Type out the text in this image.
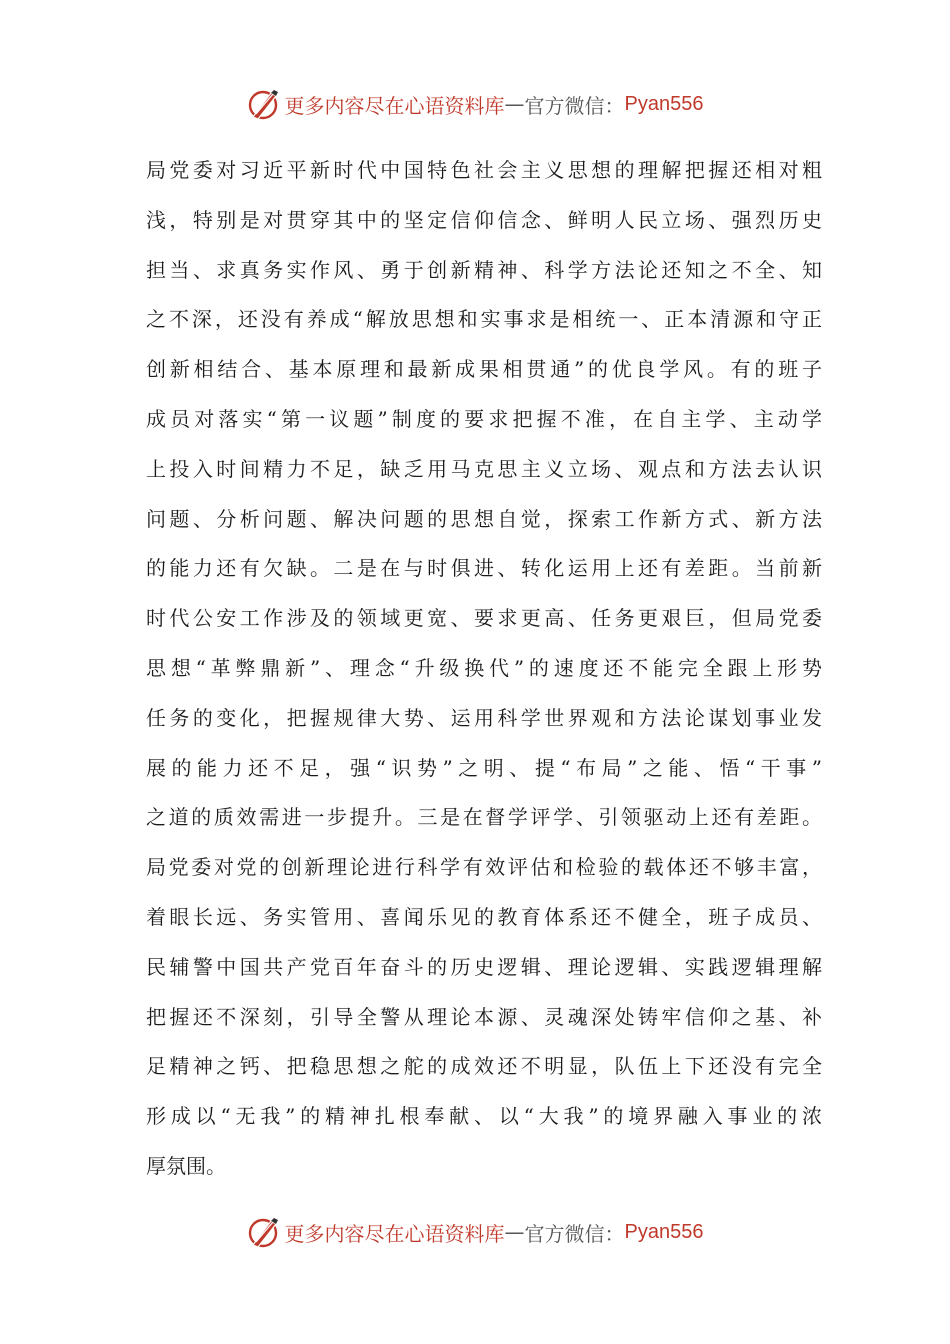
更多内容尽在心语资料库 — 官方微信： Pyan556
局党委对习近平新时代中国特色社会主义思想的理解把握还相对粗
浅，特别是对贯穿其中的坚定信仰信念、鲜明人民立场、强烈历史
担当、求真务实作风、勇于创新精神、科学方法论还知之不全、知
之不深，还没有养成“解放思想和实事求是相统一、正本清源和守正
创新相结合、基本原理和最新成果相贯通”的优良学风。有的班子
成员对落实“第一议题”制度的要求把握不准，在自主学、主动学
上投入时间精力不足，缺乏用马克思主义立场、观点和方法去认识
问题、分析问题、解决问题的思想自觉，探索工作新方式、新方法
的能力还有欠缺。二是在与时俱进、转化运用上还有差距。当前新
时代公安工作涉及的领域更宽、要求更高、任务更艰巨，但局党委
思想“革弊鼎新”、理念“升级换代”的速度还不能完全跟上形势
任务的变化，把握规律大势、运用科学世界观和方法论谋划事业发
展的能力还不足，强“识势”之明、提“布局”之能、悟“干事”
之道的质效需进一步提升。三是在督学评学、引领驱动上还有差距。
局党委对党的创新理论进行科学有效评估和检验的载体还不够丰富，
着眼长远、务实管用、喜闻乐见的教育体系还不健全，班子成员、
民辅警中国共产党百年奋斗的历史逻辑、理论逻辑、实践逻辑理解
把握还不深刻，引导全警从理论本源、灵魂深处铸牢信仰之基、补
足精神之钙、把稳思想之舵的成效还不明显，队伍上下还没有完全
形成以“无我”的精神扎根奉献、以“大我”的境界融入事业的浓
厚氛围。
更多内容尽在心语资料库 — 官方微信： Pyan556
